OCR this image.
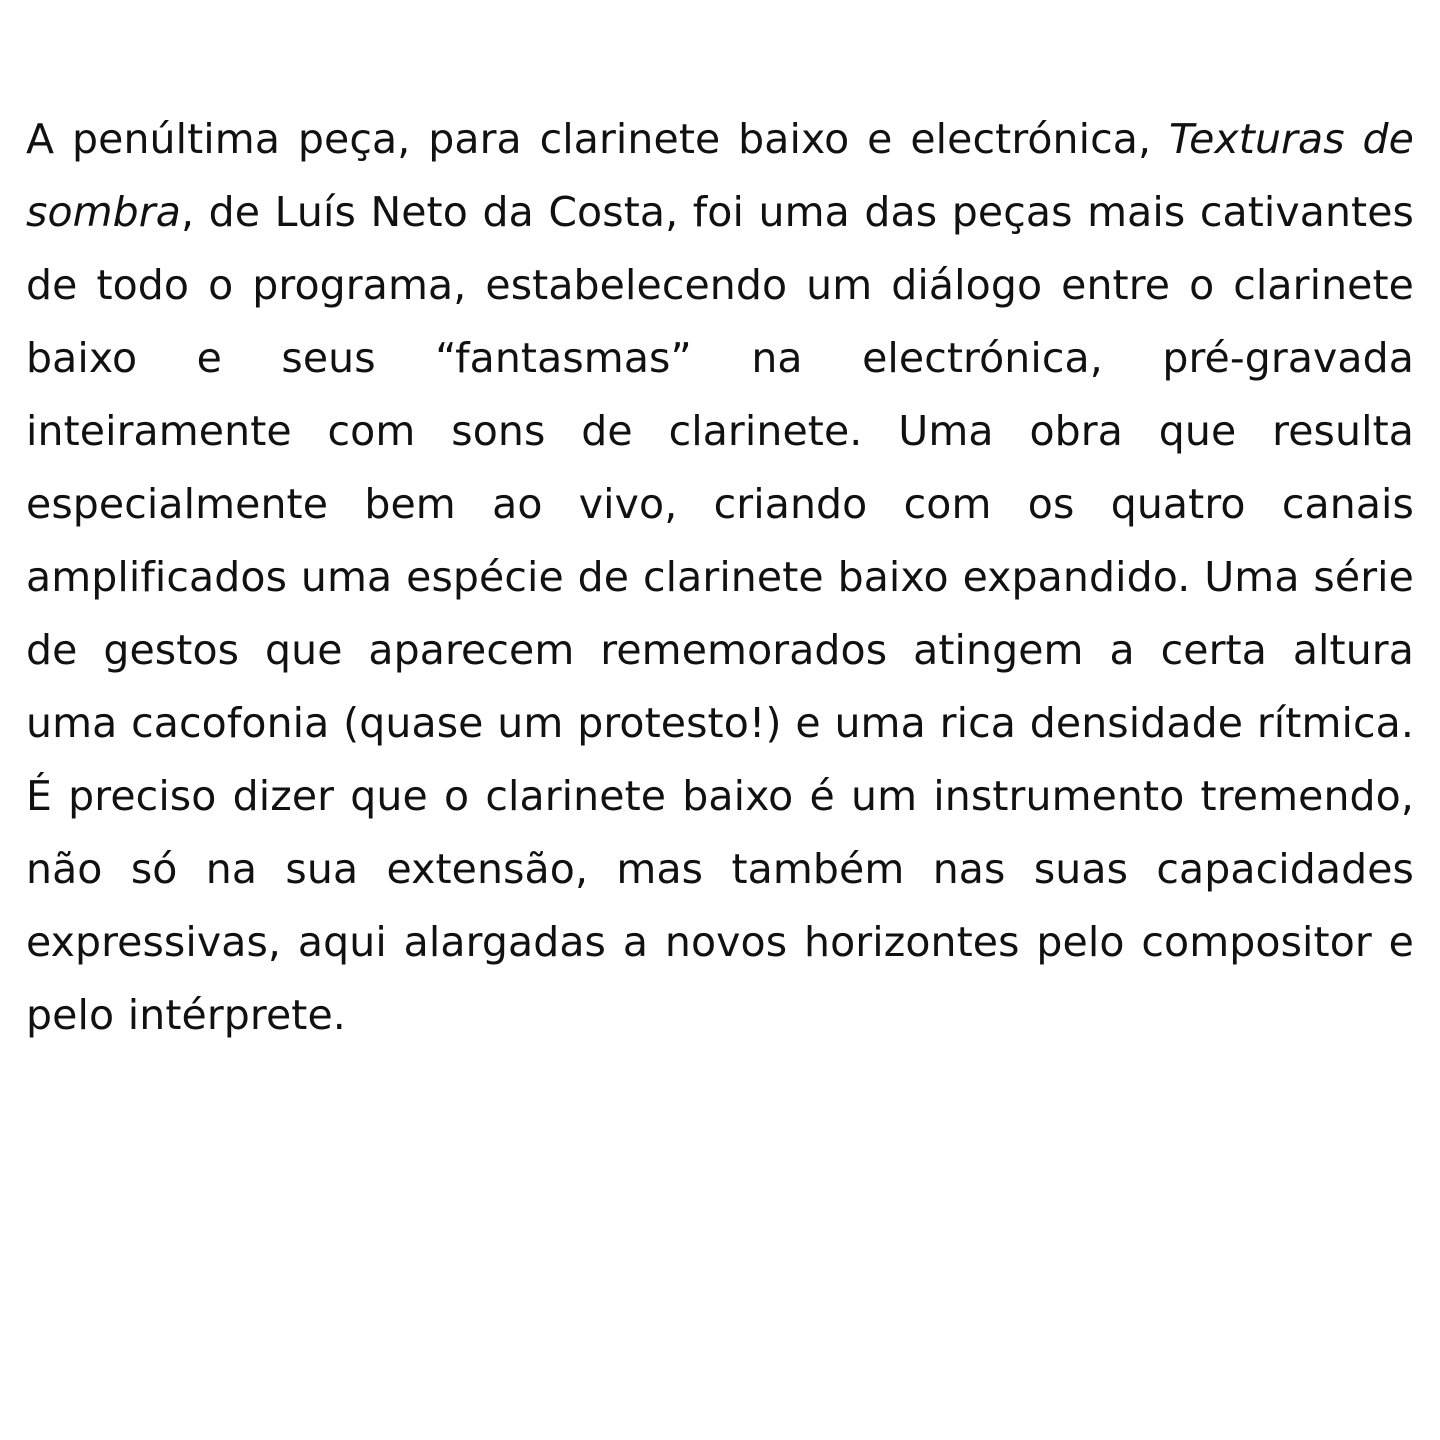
A penúltima peça, para clarinete baixo e electrónica, Texturas de sombra, de Luís Neto da Costa, foi uma das peças mais cativantes de todo o programa, estabelecendo um diálogo entre o clarinete baixo e seus “fantasmas” na electrónica, pré-gravada inteiramente com sons de clarinete. Uma obra que resulta especialmente bem ao vivo, criando com os quatro canais amplificados uma espécie de clarinete baixo expandido. Uma série de gestos que aparecem rememorados atingem a certa altura uma cacofonia (quase um protesto!) e uma rica densidade rítmica. É preciso dizer que o clarinete baixo é um instrumento tremendo, não só na sua extensão, mas também nas suas capacidades expressivas, aqui alargadas a novos horizontes pelo compositor e pelo intérprete.
